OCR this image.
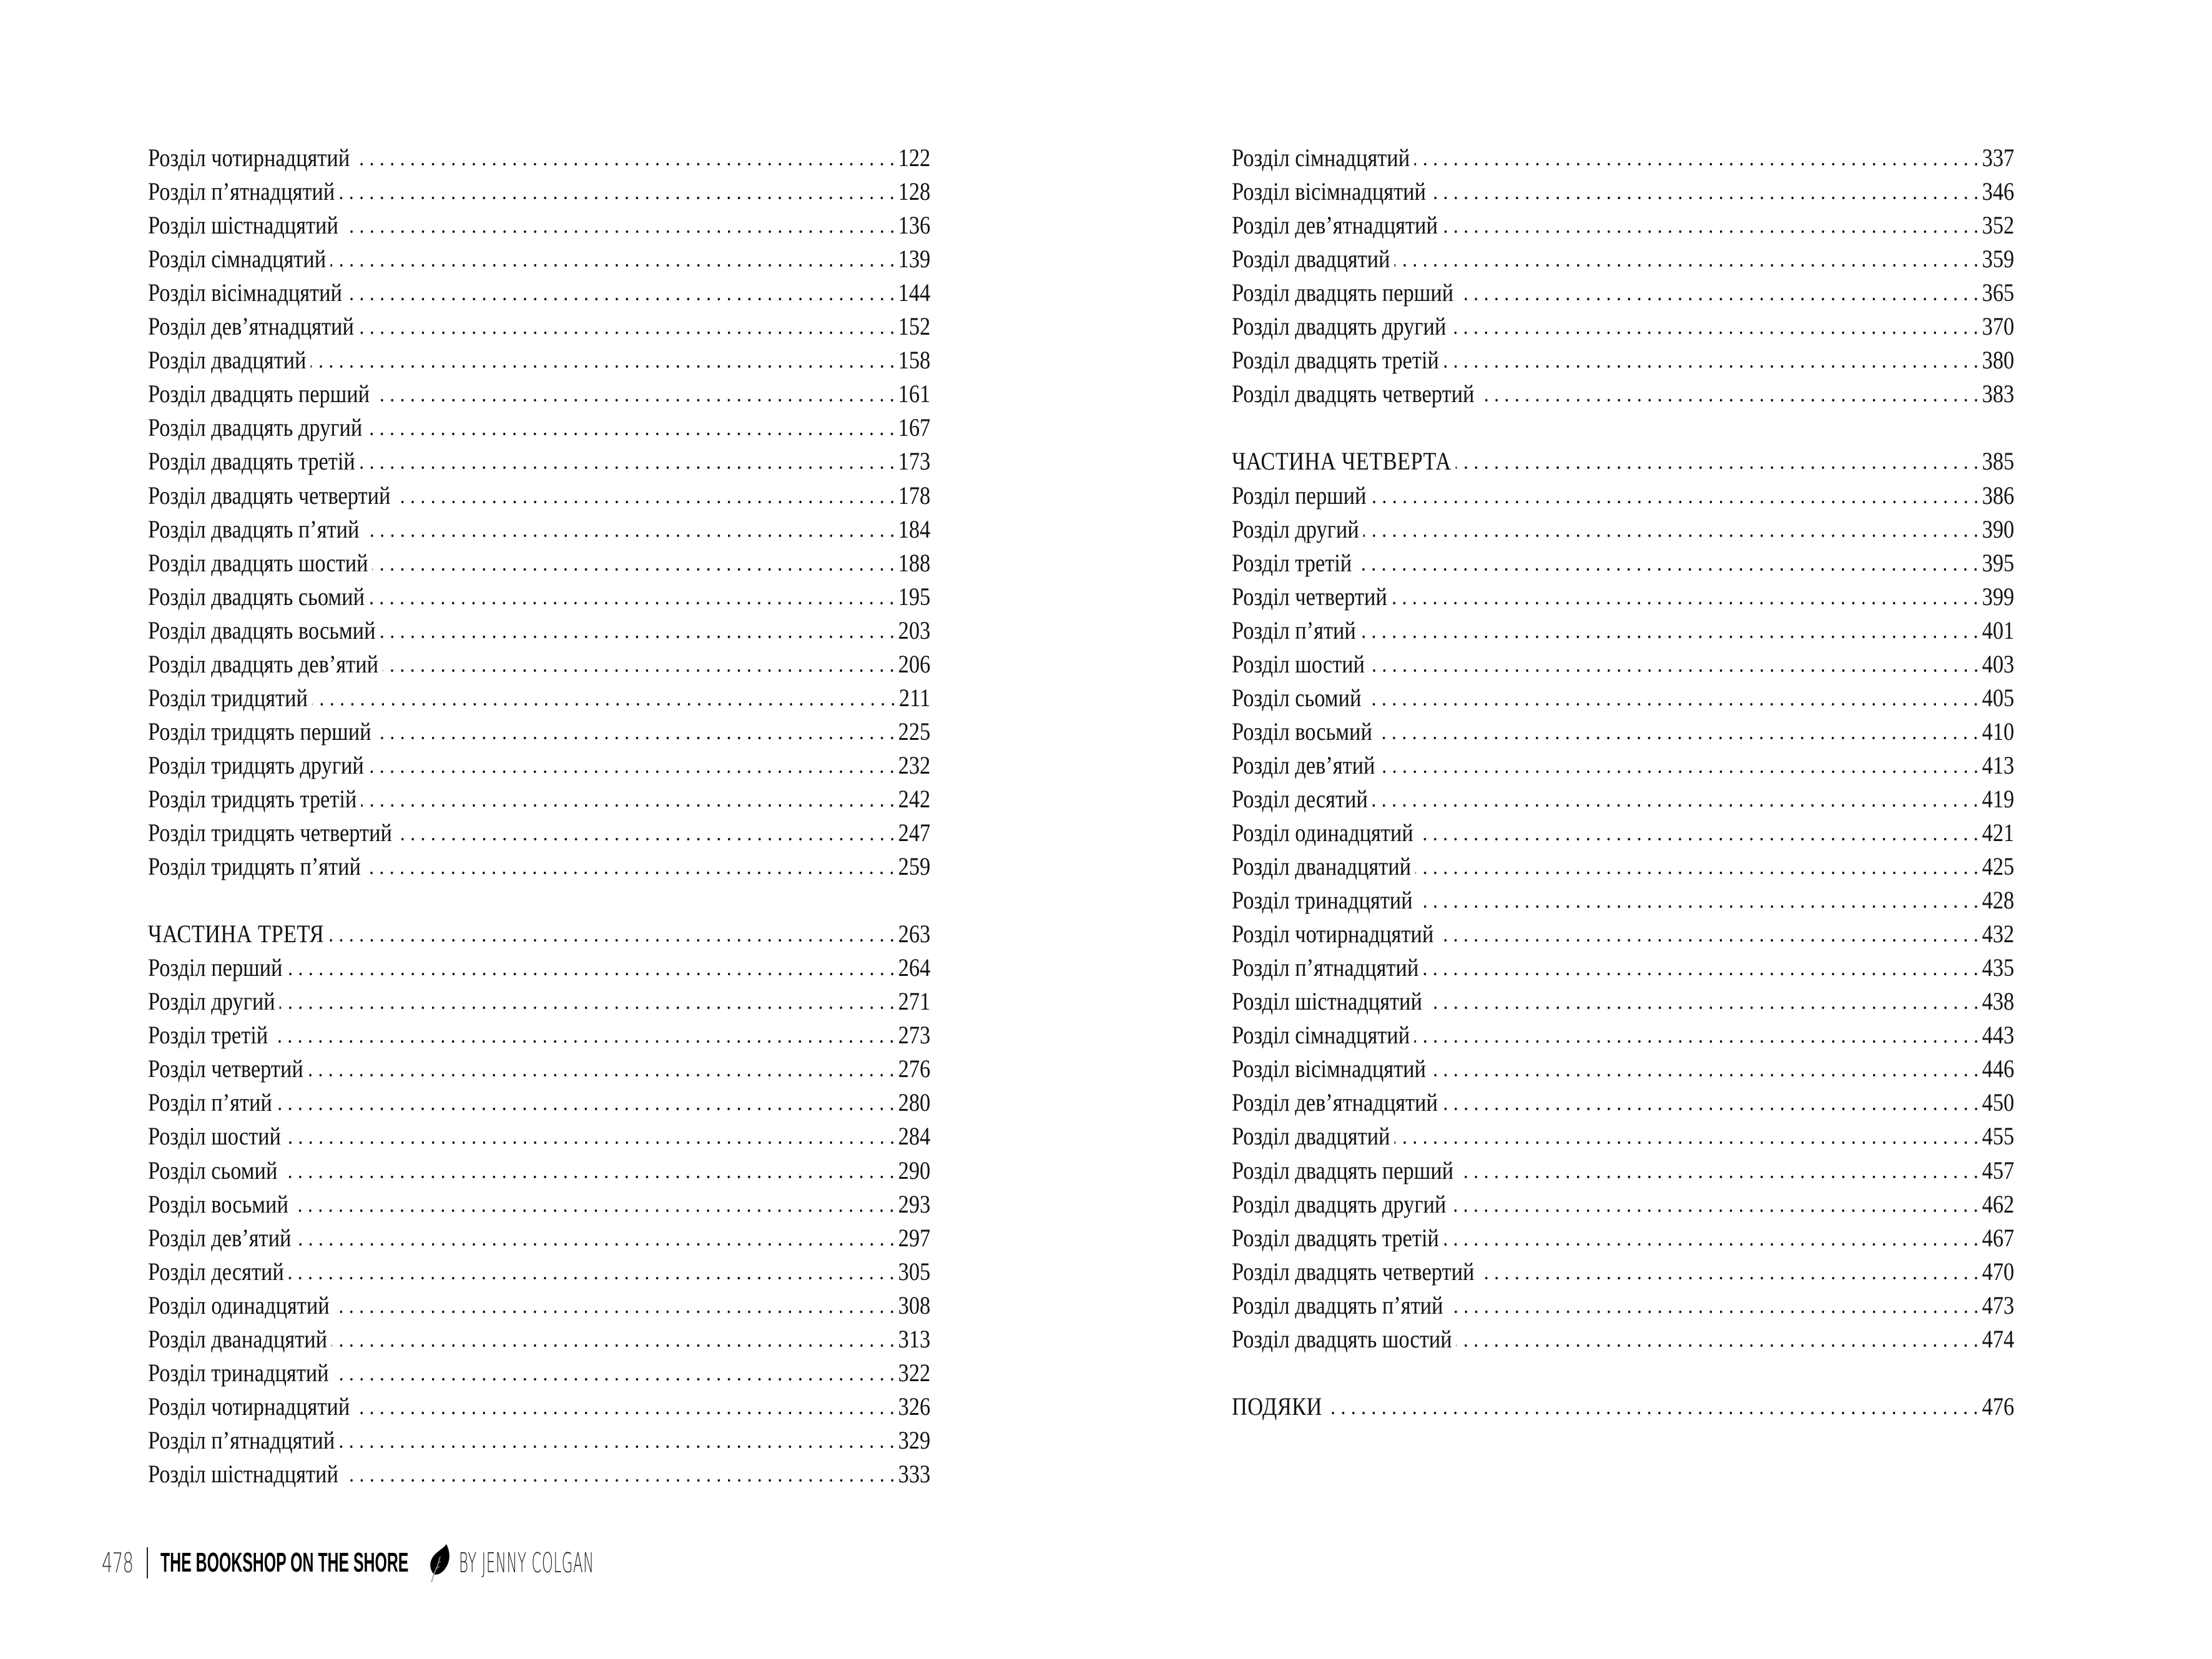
Розділ чотирнадцятий	122
Розділ п’ятнадцятий	128
Розділ шістнадцятий	136
Розділ сімнадцятий	139
Розділ вісімнадцятий	144
Розділ дев’ятнадцятий	152
Розділ двадцятий	158
Розділ двадцять перший	161
Розділ двадцять другий	167
Розділ двадцять третій	173
Розділ двадцять четвертий	178
Розділ двадцять п’ятий	184
Розділ двадцять шостий	188
Розділ двадцять сьомий	195
Розділ двадцять восьмий	203
Розділ двадцять дев’ятий	206
Розділ тридцятий	211
Розділ тридцять перший	225
Розділ тридцять другий	232
Розділ тридцять третій	242
Розділ тридцять четвертий	247
Розділ тридцять п’ятий	259
ЧАСТИНА ТРЕТЯ	263
Розділ перший	264
Розділ другий	271
Розділ третій	273
Розділ четвертий	276
Розділ п’ятий	280
Розділ шостий	284
Розділ сьомий	290
Розділ восьмий	293
Розділ дев’ятий	297
Розділ десятий	305
Розділ одинадцятий	308
Розділ дванадцятий	313
Розділ тринадцятий	322
Розділ чотирнадцятий	326
Розділ п’ятнадцятий	329
Розділ шістнадцятий	333
Розділ сімнадцятий	337
Розділ вісімнадцятий	346
Розділ дев’ятнадцятий	352
Розділ двадцятий	359
Розділ двадцять перший	365
Розділ двадцять другий	370
Розділ двадцять третій	380
Розділ двадцять четвертий	383
ЧАСТИНА ЧЕТВЕРТА	385
Розділ перший	386
Розділ другий	390
Розділ третій	395
Розділ четвертий	399
Розділ п’ятий	401
Розділ шостий	403
Розділ сьомий	405
Розділ восьмий	410
Розділ дев’ятий	413
Розділ десятий	419
Розділ одинадцятий	421
Розділ дванадцятий	425
Розділ тринадцятий	428
Розділ чотирнадцятий	432
Розділ п’ятнадцятий	435
Розділ шістнадцятий	438
Розділ сімнадцятий	443
Розділ вісімнадцятий	446
Розділ дев’ятнадцятий	450
Розділ двадцятий	455
Розділ двадцять перший	457
Розділ двадцять другий	462
Розділ двадцять третій	467
Розділ двадцять четвертий	470
Розділ двадцять п’ятий	473
Розділ двадцять шостий	474
ПОДЯКИ	476
478 THE BOOKSHOP ON THE SHORE BY JENNY COLGAN
